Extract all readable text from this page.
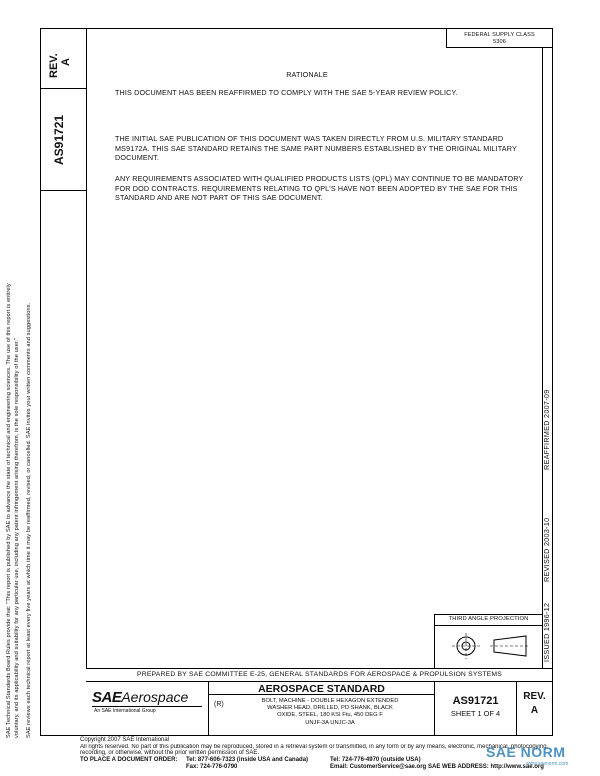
REV. A
AS91721
FEDERAL SUPPLY CLASS
5306
RATIONALE
THIS DOCUMENT HAS BEEN REAFFIRMED TO COMPLY WITH THE SAE 5-YEAR REVIEW POLICY.
THE INITIAL SAE PUBLICATION OF THIS DOCUMENT WAS TAKEN DIRECTLY FROM U.S. MILITARY STANDARD MS9172A. THIS SAE STANDARD RETAINS THE SAME PART NUMBERS ESTABLISHED BY THE ORIGINAL MILITARY DOCUMENT.
ANY REQUIREMENTS ASSOCIATED WITH QUALIFIED PRODUCTS LISTS (QPL) MAY CONTINUE TO BE MANDATORY FOR DOD CONTRACTS. REQUIREMENTS RELATING TO QPL'S HAVE NOT BEEN ADOPTED BY THE SAE FOR THIS STANDARD AND ARE NOT PART OF THIS SAE DOCUMENT.
ISSUED 1996-12
REVISED 2003-10
REAFFIRMED 2007-09
SAE Technical Standards Board Rules provide that: "This report is published by SAE to advance the state of technical and engineering sciences. The use of this report is entirely voluntary, and its applicability and suitability for any particular use, including any patent infringement arising therefrom, is the sole responsibility of the user." SAE reviews each technical report at least every five years at which time it may be reaffirmed, revised, or cancelled. SAE invites your written comments and suggestions.	THIRD ANGLE PROJECTION
PREPARED BY SAE COMMITTEE E-25, GENERAL STANDARDS FOR AEROSPACE & PROPULSION SYSTEMS
SAEAerospace
An SAE International Group
AEROSPACE STANDARD
(R)	BOLT, MACHINE - DOUBLE HEXAGON EXTENDED
WASHER HEAD, DRILLED, PD SHANK, BLACK
OXIDE, STEEL, 180 KSI Ftu, 450 DEG F
UNJF-3A UNJC-3A
AS91721
SHEET 1 OF 4
REV.
A
Copyright 2007 SAE International
All rights reserved. No part of this publication may be reproduced, stored in a retrieval system or transmitted, in any form or by any means, electronic, mechanical, photocopying,
recording, or otherwise, without the prior written permission of SAE.
TO PLACE A DOCUMENT ORDER: Tel: 877-606-7323 (inside USA and Canada)
Fax: 724-776-0790
Tel: 724-776-4970 (outside USA)
Email: CustomerService@sae.org SAE WEB ADDRESS: http://www.sae.org
SAE NORM
www.saenorm.com
